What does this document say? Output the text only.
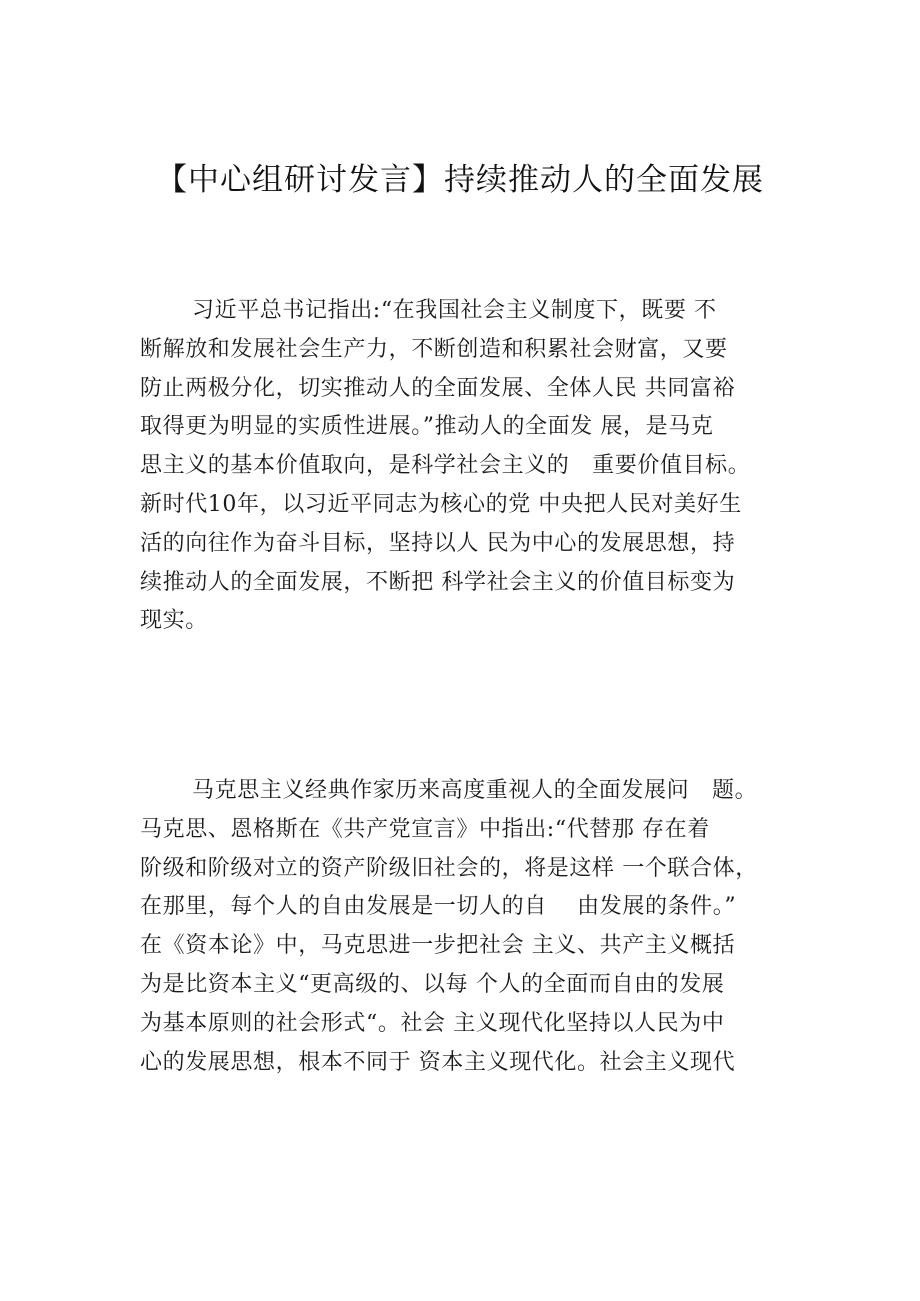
【中心组研讨发言】持续推动人的全面发展
习近平总书记指出:“在我国社会主义制度下，既要 不
断解放和发展社会生产力，不断创造和积累社会财富，又要
防止两极分化，切实推动人的全面发展、全体人民 共同富裕
取得更为明显的实质性进展。”推动人的全面发 展，是马克
思主义的基本价值取向，是科学社会主义的   重要价值目标。
新时代10年，以习近平同志为核心的党 中央把人民对美好生
活的向往作为奋斗目标，坚持以人 民为中心的发展思想，持
续推动人的全面发展，不断把 科学社会主义的价值目标变为
现实。
马克思主义经典作家历来高度重视人的全面发展问   题。
马克思、恩格斯在《共产党宣言》中指出:“代替那 存在着
阶级和阶级对立的资产阶级旧社会的，将是这样 一个联合体，
在那里，每个人的自由发展是一切人的自    由发展的条件。”
在《资本论》中，马克思进一步把社会 主义、共产主义概括
为是比资本主义“更高级的、以每 个人的全面而自由的发展
为基本原则的社会形式“。社会 主义现代化坚持以人民为中
心的发展思想，根本不同于 资本主义现代化。社会主义现代
